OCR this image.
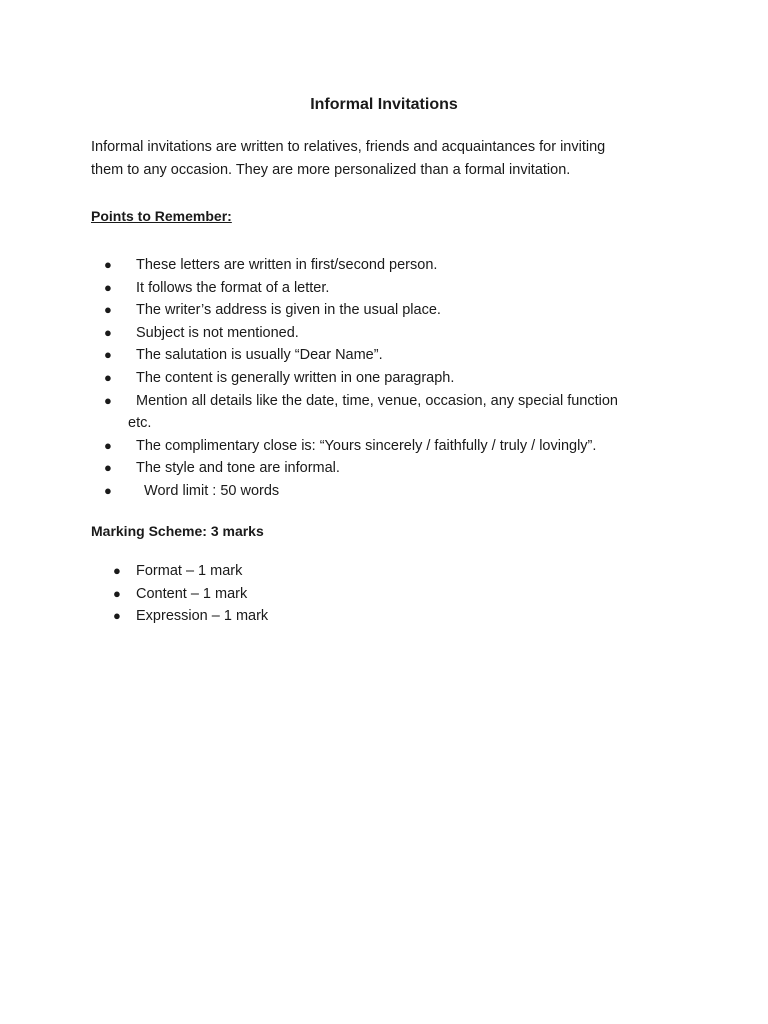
Informal Invitations

Informal invitations are written to relatives, friends and acquaintances for inviting
them to any occasion. They are more personalized than a formal invitation.

Points to Remember:

● These letters are written in first/second person.
● It follows the format of a letter.
● The writer’s address is given in the usual place.
● Subject is not mentioned.
● The salutation is usually “Dear Name”.
● The content is generally written in one paragraph.
● Mention all details like the date, time, venue, occasion, any special function
etc.
● The complimentary close is: “Yours sincerely / faithfully / truly / lovingly”.
● The style and tone are informal.
● Word limit : 50 words

Marking Scheme: 3 marks

● Format – 1 mark
● Content – 1 mark
● Expression – 1 mark
